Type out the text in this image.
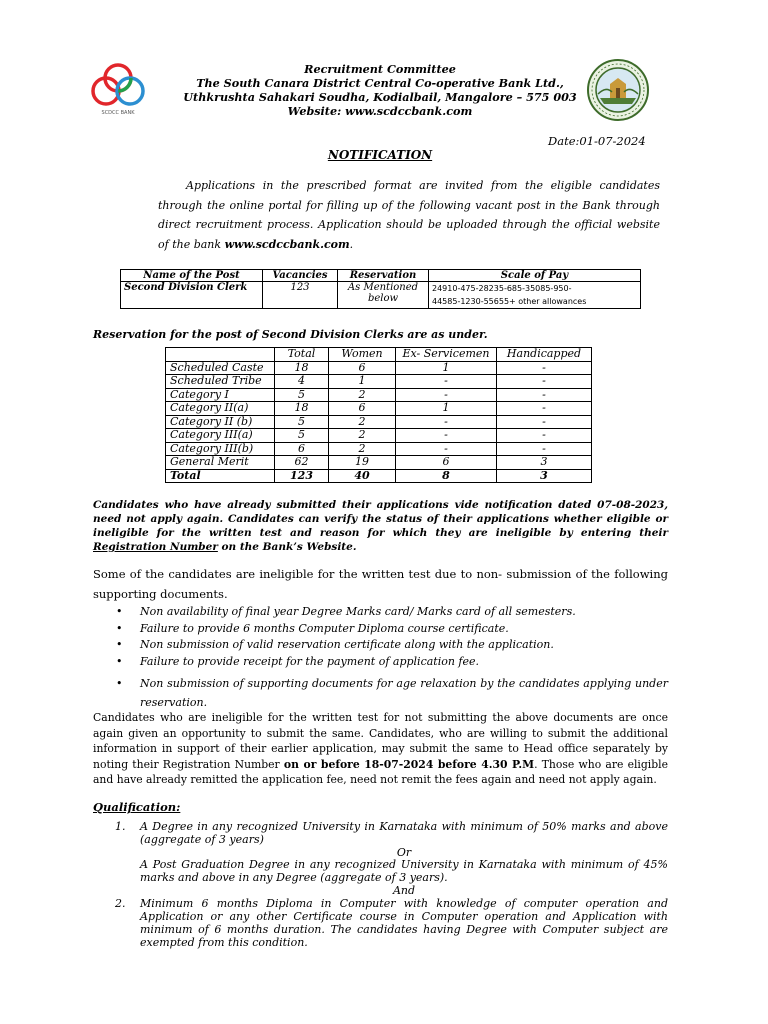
SCDCC BANK
Recruitment Committee
The South Canara District Central Co-operative Bank Ltd.,
Uthkrushta Sahakari Soudha, Kodialbail, Mangalore – 575 003
Website: www.scdccbank.com
Date:01-07-2024
NOTIFICATION
Applications in the prescribed format are invited from the eligible candidates through the online portal for filling up of the following vacant post in the Bank through direct recruitment process. Application should be uploaded through the official website of the bank www.scdccbank.com.
Name of the Post	Vacancies	Reservation	Scale of Pay
Second Division Clerk	123	As Mentioned below	24910-475-28235-685-35085-950-
44585-1230-55655+ other allowances
Reservation for the post of Second Division Clerks are as under.
	Total	Women	Ex- Servicemen	Handicapped
Scheduled Caste	18	6	1	-
Scheduled Tribe	4	1	-	-
Category I	5	2	-	-
Category II(a)	18	6	1	-
Category II (b)	5	2	-	-
Category III(a)	5	2	-	-
Category III(b)	6	2	-	-
General Merit	62	19	6	3
Total	123	40	8	3
Candidates who have already submitted their applications vide notification dated 07-08-2023, need not apply again. Candidates can verify the status of their applications whether eligible or ineligible for the written test and reason for which they are ineligible by entering their Registration Number on the Bank’s Website.
Some of the candidates are ineligible for the written test due to non- submission of the following supporting documents.
• Non availability of final year Degree Marks card/ Marks card of all semesters.
• Failure to provide 6 months Computer Diploma course certificate.
• Non submission of valid reservation certificate along with the application.
• Failure to provide receipt for the payment of application fee.
• Non submission of supporting documents for age relaxation by the candidates applying under reservation.
Candidates who are ineligible for the written test for not submitting the above documents are once again given an opportunity to submit the same. Candidates, who are willing to submit the additional information in support of their earlier application, may submit the same to Head office separately by noting their Registration Number on or before 18-07-2024 before 4.30 P.M. Those who are eligible and have already remitted the application fee, need not remit the fees again and need not apply again.
Qualification:
1. A Degree in any recognized University in Karnataka with minimum of 50% marks and above (aggregate of 3 years)
Or
A Post Graduation Degree in any recognized University in Karnataka with minimum of 45% marks and above in any Degree (aggregate of 3 years).
And
2. Minimum 6 months Diploma in Computer with knowledge of computer operation and Application or any other Certificate course in Computer operation and Application with minimum of 6 months duration. The candidates having Degree with Computer subject are exempted from this condition.
